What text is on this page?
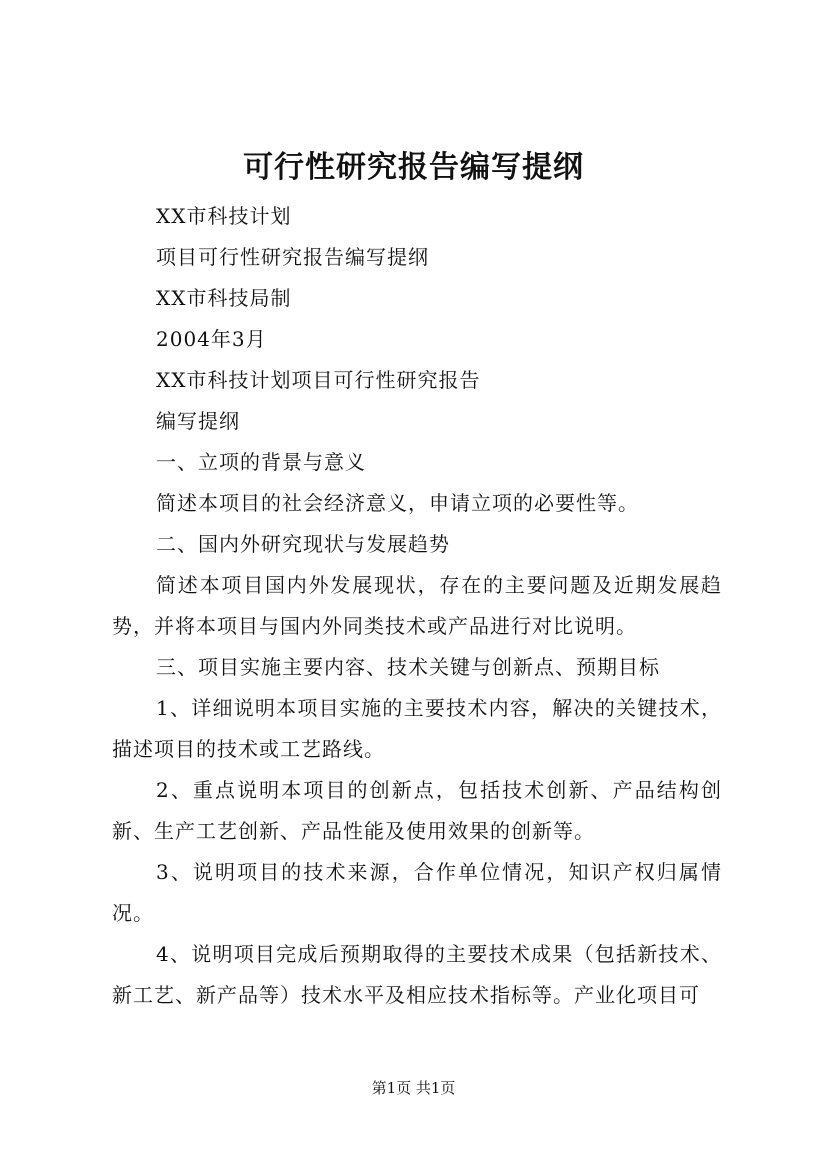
可行性研究报告编写提纲

XX市科技计划

项目可行性研究报告编写提纲

XX市科技局制

2004年3月

XX市科技计划项目可行性研究报告

编写提纲

一、立项的背景与意义

简述本项目的社会经济意义，申请立项的必要性等。

二、国内外研究现状与发展趋势

简述本项目国内外发展现状，存在的主要问题及近期发展趋势，并将本项目与国内外同类技术或产品进行对比说明。

三、项目实施主要内容、技术关键与创新点、预期目标

1、详细说明本项目实施的主要技术内容，解决的关键技术，描述项目的技术或工艺路线。

2、重点说明本项目的创新点，包括技术创新、产品结构创新、生产工艺创新、产品性能及使用效果的创新等。

3、说明项目的技术来源，合作单位情况，知识产权归属情况。

4、说明项目完成后预期取得的主要技术成果（包括新技术、新工艺、新产品等）技术水平及相应技术指标等。产业化项目可

第1页 共1页
